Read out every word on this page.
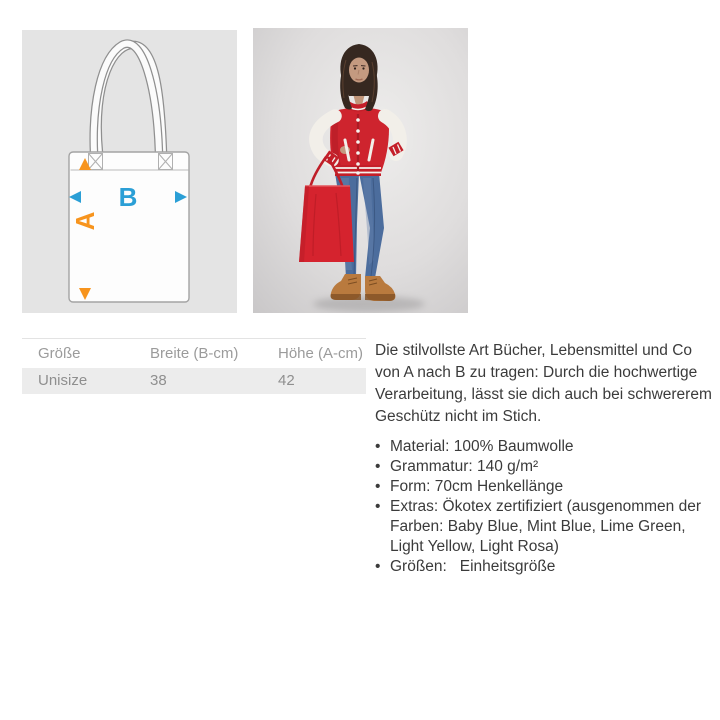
B
A
Größe	Breite (B-cm)	Höhe (A-cm)
Unisize	38	42
Die stilvollste Art Bücher, Lebensmittel und Co
von A nach B zu tragen: Durch die hochwertige
Verarbeitung, lässt sie dich auch bei schwererem
Geschütz nicht im Stich.
• Material: 100% Baumwolle
• Grammatur: 140 g/m²
• Form: 70cm Henkellänge
• Extras: Ökotex zertifiziert (ausgenommen der
Farben: Baby Blue, Mint Blue, Lime Green,
Light Yellow, Light Rosa)
• Größen:   Einheitsgröße
